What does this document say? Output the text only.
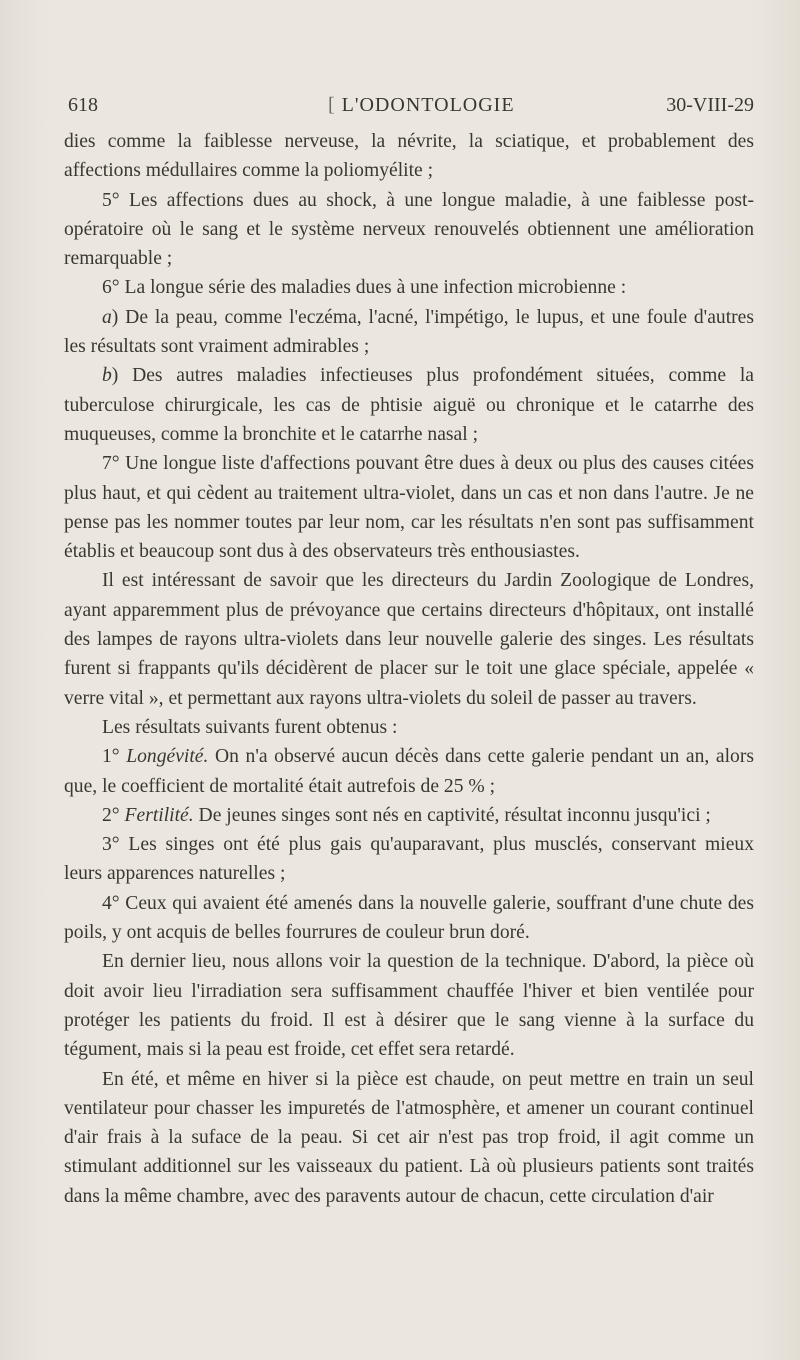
618	[ L'ODONTOLOGIE	30-VIII-29

dies comme la faiblesse nerveuse, la névrite, la sciatique, et probablement des affections médullaires comme la poliomyélite ;

5° Les affections dues au shock, à une longue maladie, à une faiblesse post-opératoire où le sang et le système nerveux renouvelés obtiennent une amélioration remarquable ;

6° La longue série des maladies dues à une infection microbienne :

a) De la peau, comme l'eczéma, l'acné, l'impétigo, le lupus, et une foule d'autres les résultats sont vraiment admirables ;

b) Des autres maladies infectieuses plus profondément situées, comme la tuberculose chirurgicale, les cas de phtisie aiguë ou chronique et le catarrhe des muqueuses, comme la bronchite et le catarrhe nasal ;

7° Une longue liste d'affections pouvant être dues à deux ou plus des causes citées plus haut, et qui cèdent au traitement ultra-violet, dans un cas et non dans l'autre. Je ne pense pas les nommer toutes par leur nom, car les résultats n'en sont pas suffisamment établis et beaucoup sont dus à des observateurs très enthousiastes.

Il est intéressant de savoir que les directeurs du Jardin Zoologique de Londres, ayant apparemment plus de prévoyance que certains directeurs d'hôpitaux, ont installé des lampes de rayons ultra-violets dans leur nouvelle galerie des singes. Les résultats furent si frappants qu'ils décidèrent de placer sur le toit une glace spéciale, appelée « verre vital », et permettant aux rayons ultra-violets du soleil de passer au travers.

Les résultats suivants furent obtenus :

1° Longévité. On n'a observé aucun décès dans cette galerie pendant un an, alors que, le coefficient de mortalité était autrefois de 25 % ;

2° Fertilité. De jeunes singes sont nés en captivité, résultat inconnu jusqu'ici ;

3° Les singes ont été plus gais qu'auparavant, plus musclés, conservant mieux leurs apparences naturelles ;

4° Ceux qui avaient été amenés dans la nouvelle galerie, souffrant d'une chute des poils, y ont acquis de belles fourrures de couleur brun doré.

En dernier lieu, nous allons voir la question de la technique. D'abord, la pièce où doit avoir lieu l'irradiation sera suffisamment chauffée l'hiver et bien ventilée pour protéger les patients du froid. Il est à désirer que le sang vienne à la surface du tégument, mais si la peau est froide, cet effet sera retardé.

En été, et même en hiver si la pièce est chaude, on peut mettre en train un seul ventilateur pour chasser les impuretés de l'atmosphère, et amener un courant continuel d'air frais à la suface de la peau. Si cet air n'est pas trop froid, il agit comme un stimulant additionnel sur les vaisseaux du patient. Là où plusieurs patients sont traités dans la même chambre, avec des paravents autour de chacun, cette circulation d'air
